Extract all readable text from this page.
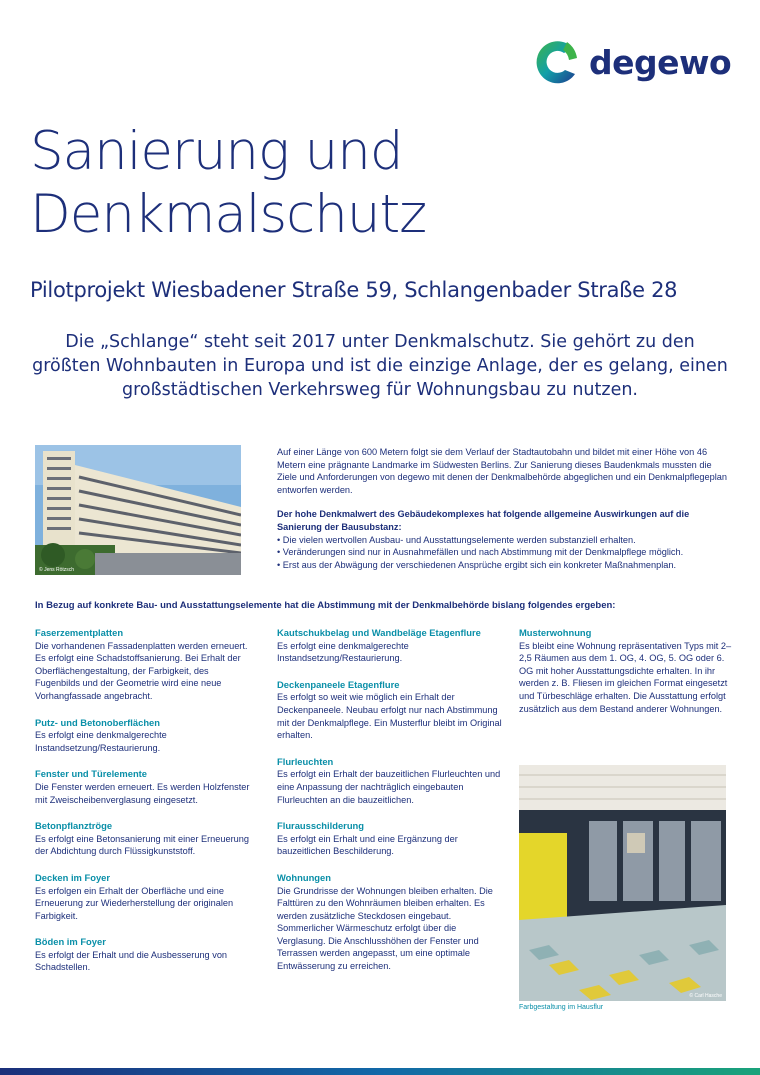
degewo
Sanierung und Denkmalschutz
Pilotprojekt Wiesbadener Straße 59, Schlangenbader Straße 28

Die „Schlange“ steht seit 2017 unter Denkmalschutz. Sie gehört zu den größten Wohnbauten in Europa und ist die einzige Anlage, der es gelang, einen großstädtischen Verkehrsweg für Wohnungsbau zu nutzen.

© Jens Rötzsch

Auf einer Länge von 600 Metern folgt sie dem Verlauf der Stadtautobahn und bildet mit einer Höhe von 46 Metern eine prägnante Landmarke im Südwesten Berlins. Zur Sanierung dieses Baudenkmals mussten die Ziele und Anforderungen von degewo mit denen der Denkmalbehörde abgeglichen und ein Denkmalpflegeplan entworfen werden.

Der hohe Denkmalwert des Gebäudekomplexes hat folgende allgemeine Auswirkungen auf die Sanierung der Bausubstanz:
• Die vielen wertvollen Ausbau- und Ausstattungselemente werden substanziell erhalten.
• Veränderungen sind nur in Ausnahmefällen und nach Abstimmung mit der Denkmalpflege möglich.
• Erst aus der Abwägung der verschiedenen Ansprüche ergibt sich ein konkreter Maßnahmenplan.
In Bezug auf konkrete Bau- und Ausstattungselemente hat die Abstimmung mit der Denkmalbehörde bislang folgendes ergeben:
Faserzementplatten

Die vorhandenen Fassadenplatten werden erneuert. Es erfolgt eine Schadstoffsanierung. Bei Erhalt der Oberflächengestaltung, der Farbigkeit, des Fugenbilds und der Geometrie wird eine neue Vorhangfassade angebracht.

Putz- und Betonoberflächen

Es erfolgt eine denkmalgerechte Instandsetzung/Restaurierung.

Fenster und Türelemente

Die Fenster werden erneuert. Es werden Holzfenster mit Zweischeibenverglasung eingesetzt.

Betonpflanztröge

Es erfolgt eine Betonsanierung mit einer Erneuerung der Abdichtung durch Flüssigkunststoff.

Decken im Foyer

Es erfolgen ein Erhalt der Oberfläche und eine Erneuerung zur Wiederherstellung der originalen Farbigkeit.

Böden im Foyer

Es erfolgt der Erhalt und die Ausbesserung von Schadstellen.

Kautschukbelag und Wandbeläge Etagenflure

Es erfolgt eine denkmalgerechte Instandsetzung/Restaurierung.

Deckenpaneele Etagenflure

Es erfolgt so weit wie möglich ein Erhalt der Deckenpaneele. Neubau erfolgt nur nach Abstimmung mit der Denkmalpflege. Ein Musterflur bleibt im Original erhalten.

Flurleuchten

Es erfolgt ein Erhalt der bauzeitlichen Flurleuchten und eine Anpassung der nachträglich eingebauten Flurleuchten an die bauzeitlichen.

Flurausschilderung

Es erfolgt ein Erhalt und eine Ergänzung der bauzeitlichen Beschilderung.

Wohnungen

Die Grundrisse der Wohnungen bleiben erhalten. Die Falttüren zu den Wohnräumen bleiben erhalten. Es werden zusätzliche Steckdosen eingebaut. Sommerlicher Wärmeschutz erfolgt über die Verglasung. Die Anschlusshöhen der Fenster und Terrassen werden angepasst, um eine optimale Entwässerung zu erreichen.

Musterwohnung

Es bleibt eine Wohnung repräsentativen Typs mit 2–2,5 Räumen aus dem 1. OG, 4. OG, 5. OG oder 6. OG mit hoher Ausstattungsdichte erhalten. In ihr werden z. B. Fliesen im gleichen Format eingesetzt und Türbeschläge erhalten. Die Ausstattung erfolgt zusätzlich aus dem Bestand anderer Wohnungen.

© Carl Hasche
Farbgestaltung im Hausflur
